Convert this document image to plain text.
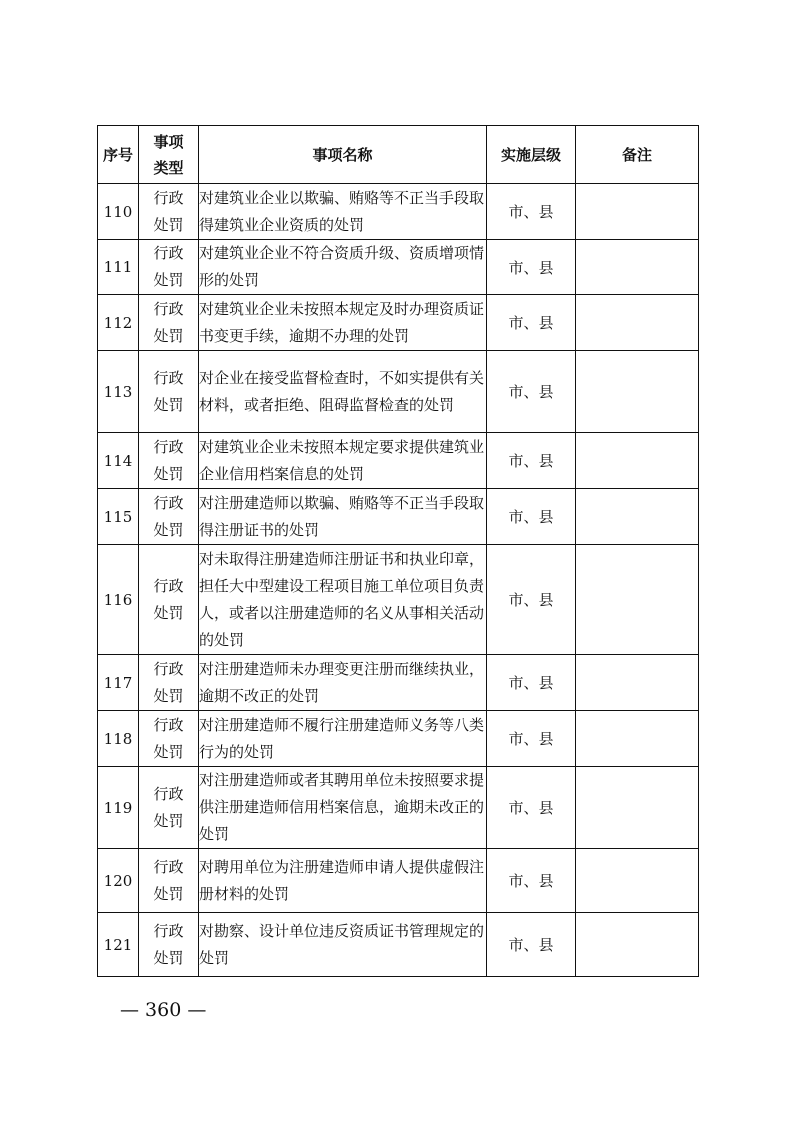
序号	事项类型	事项名称	实施层级	备注
110	行政处罚	对建筑业企业以欺骗、贿赂等不正当手段取得建筑业企业资质的处罚	市、县	
111	行政处罚	对建筑业企业不符合资质升级、资质增项情形的处罚	市、县	
112	行政处罚	对建筑业企业未按照本规定及时办理资质证书变更手续，逾期不办理的处罚	市、县	
113	行政处罚	对企业在接受监督检查时，不如实提供有关材料，或者拒绝、阻碍监督检查的处罚	市、县	
114	行政处罚	对建筑业企业未按照本规定要求提供建筑业企业信用档案信息的处罚	市、县	
115	行政处罚	对注册建造师以欺骗、贿赂等不正当手段取得注册证书的处罚	市、县	
116	行政处罚	对未取得注册建造师注册证书和执业印章，担任大中型建设工程项目施工单位项目负责人，或者以注册建造师的名义从事相关活动的处罚	市、县	
117	行政处罚	对注册建造师未办理变更注册而继续执业，逾期不改正的处罚	市、县	
118	行政处罚	对注册建造师不履行注册建造师义务等八类行为的处罚	市、县	
119	行政处罚	对注册建造师或者其聘用单位未按照要求提供注册建造师信用档案信息，逾期未改正的处罚	市、县	
120	行政处罚	对聘用单位为注册建造师申请人提供虚假注册材料的处罚	市、县	
121	行政处罚	对勘察、设计单位违反资质证书管理规定的处罚	市、县	
— 360 —
